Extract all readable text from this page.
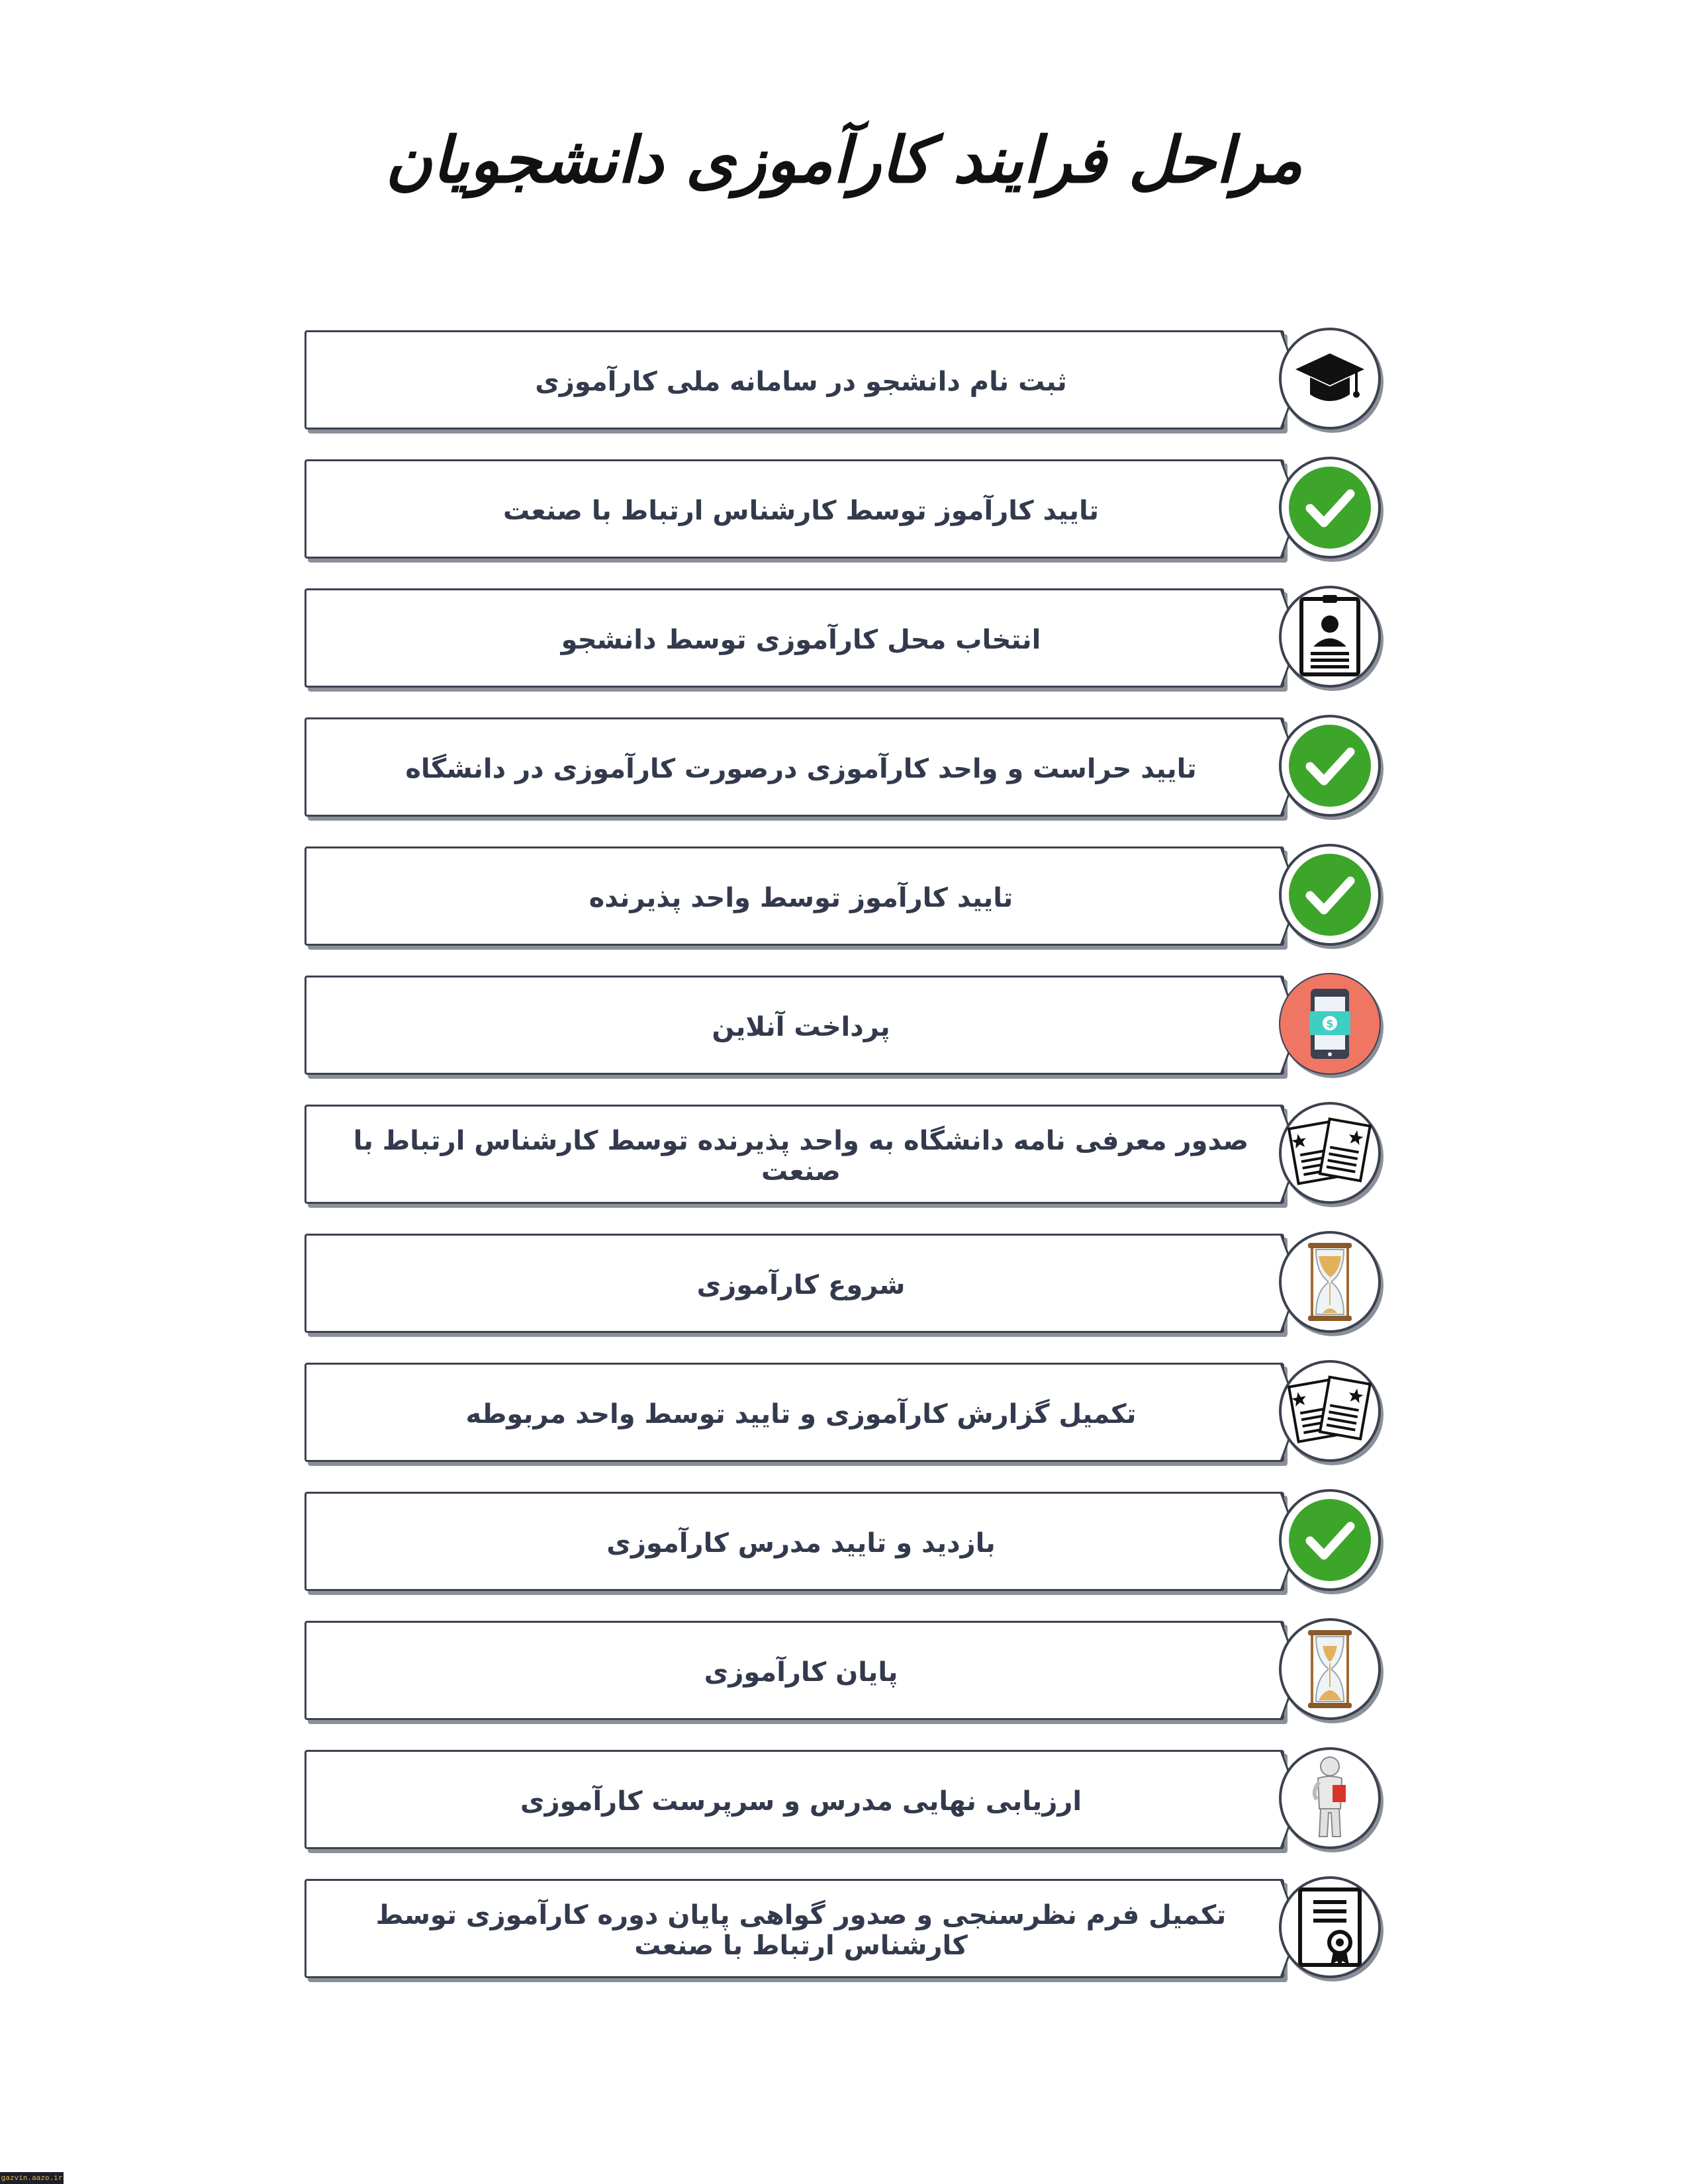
مراحل فرایند کارآموزی دانشجویان
ثبت نام دانشجو در سامانه ملی کارآموزی
تایید کارآموز توسط کارشناس ارتباط با صنعت
انتخاب محل کارآموزی توسط دانشجو
تایید حراست و واحد کارآموزی درصورت کارآموزی در دانشگاه
تایید کارآموز توسط واحد پذیرنده
پرداخت آنلاین	$
صدور معرفی نامه دانشگاه به واحد پذیرنده توسط کارشناس ارتباط با صنعت
شروع کارآموزی
تکمیل گزارش کارآموزی و تایید توسط واحد مربوطه
بازدید و تایید مدرس کارآموزی
پایان کارآموزی
ارزیابی نهایی مدرس و سرپرست کارآموزی
تکمیل فرم نظرسنجی و صدور گواهی پایان دوره کارآموزی توسط کارشناس ارتباط با صنعت
gazvin.aazo.ir
